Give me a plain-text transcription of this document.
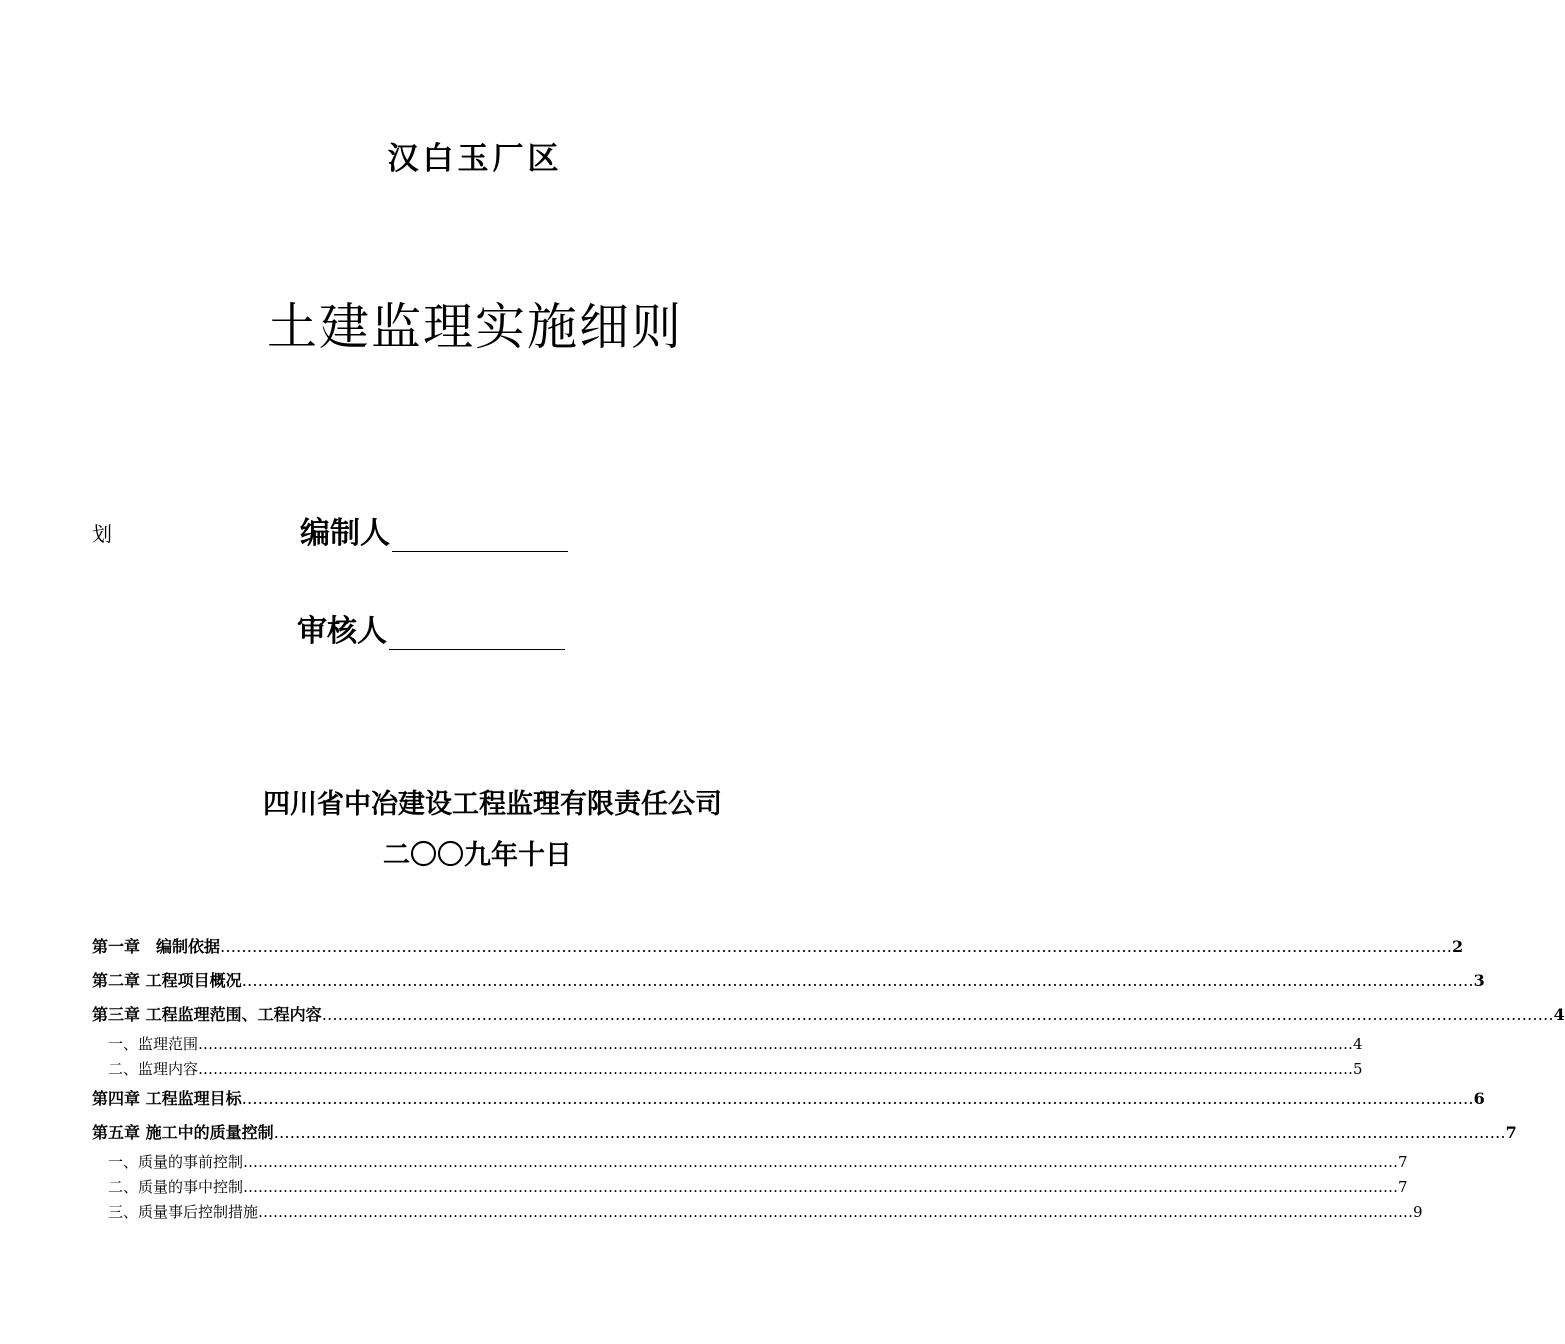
汉白玉厂区
土建监理实施细则
划	编制人
审核人
四川省中冶建设工程监理有限责任公司
二〇〇九年十日
第一章　编制依据 …………………………………………………………………………………………………………………………………………………………………………………………………………… 2
第二章 工程项目概况 …………………………………………………………………………………………………………………………………………………………………………………………………………… 3
第三章 工程监理范围、工程内容 …………………………………………………………………………………………………………………………………………………………………………………………………………… 4
一、监理范围 …………………………………………………………………………………………………………………………………………………………………………………………………………… 4
二、监理内容 …………………………………………………………………………………………………………………………………………………………………………………………………………… 5
第四章 工程监理目标 …………………………………………………………………………………………………………………………………………………………………………………………………………… 6
第五章 施工中的质量控制 …………………………………………………………………………………………………………………………………………………………………………………………………………… 7
一、质量的事前控制 …………………………………………………………………………………………………………………………………………………………………………………………………………… 7
二、质量的事中控制 …………………………………………………………………………………………………………………………………………………………………………………………………………… 7
三、质量事后控制措施 …………………………………………………………………………………………………………………………………………………………………………………………………………… 9
